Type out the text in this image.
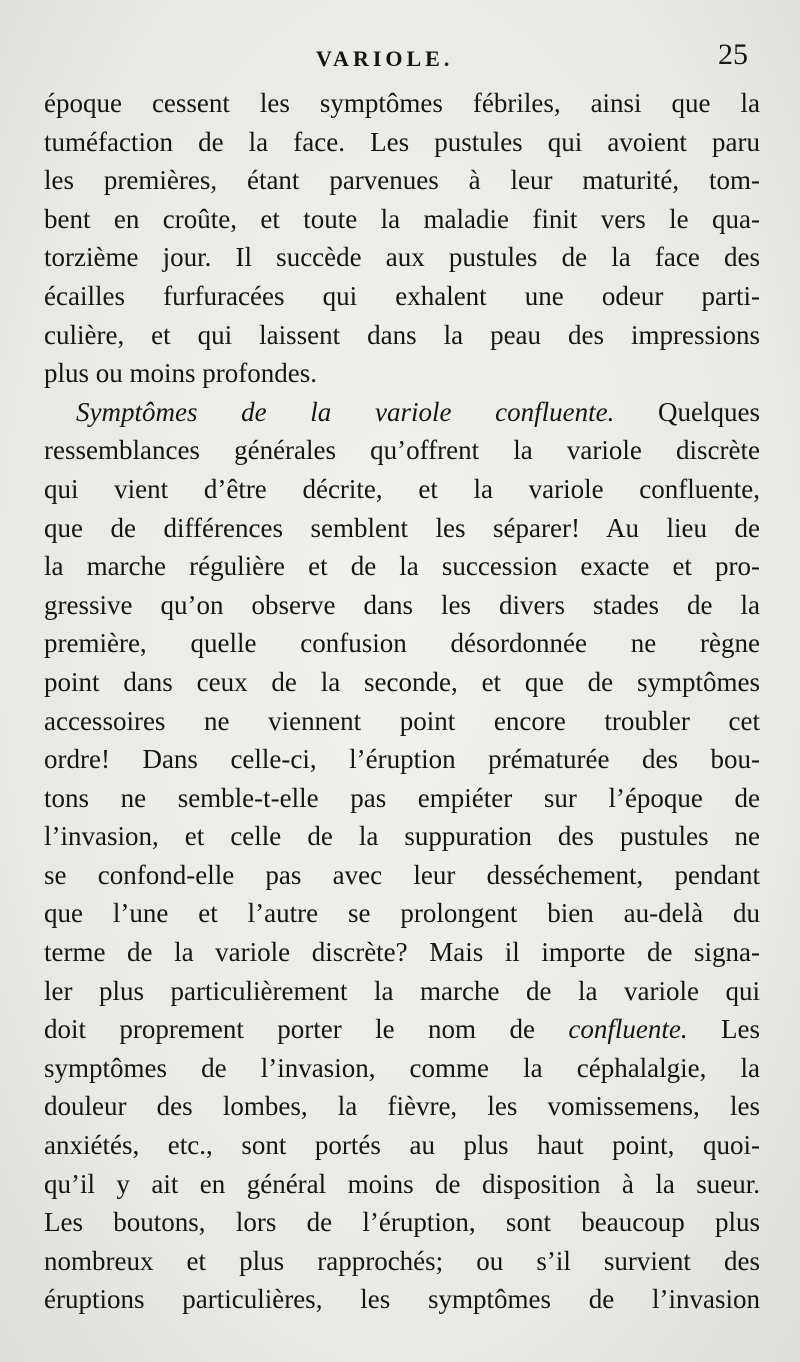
VARIOLE.	25
époque cessent les symptômes fébriles, ainsi que la
tuméfaction de la face. Les pustules qui avoient paru
les premières, étant parvenues à leur maturité, tom-
bent en croûte, et toute la maladie finit vers le qua-
torzième jour. Il succède aux pustules de la face des
écailles furfuracées qui exhalent une odeur parti-
culière, et qui laissent dans la peau des impressions
plus ou moins profondes.
Symptômes de la variole confluente. Quelques
ressemblances générales qu’offrent la variole discrète
qui vient d’être décrite, et la variole confluente,
que de différences semblent les séparer! Au lieu de
la marche régulière et de la succession exacte et pro-
gressive qu’on observe dans les divers stades de la
première, quelle confusion désordonnée ne règne
point dans ceux de la seconde, et que de symptômes
accessoires ne viennent point encore troubler cet
ordre! Dans celle-ci, l’éruption prématurée des bou-
tons ne semble-t-elle pas empiéter sur l’époque de
l’invasion, et celle de la suppuration des pustules ne
se confond-elle pas avec leur desséchement, pendant
que l’une et l’autre se prolongent bien au-delà du
terme de la variole discrète? Mais il importe de signa-
ler plus particulièrement la marche de la variole qui
doit proprement porter le nom de confluente. Les
symptômes de l’invasion, comme la céphalalgie, la
douleur des lombes, la fièvre, les vomissemens, les
anxiétés, etc., sont portés au plus haut point, quoi-
qu’il y ait en général moins de disposition à la sueur.
Les boutons, lors de l’éruption, sont beaucoup plus
nombreux et plus rapprochés; ou s’il survient des
éruptions particulières, les symptômes de l’invasion
